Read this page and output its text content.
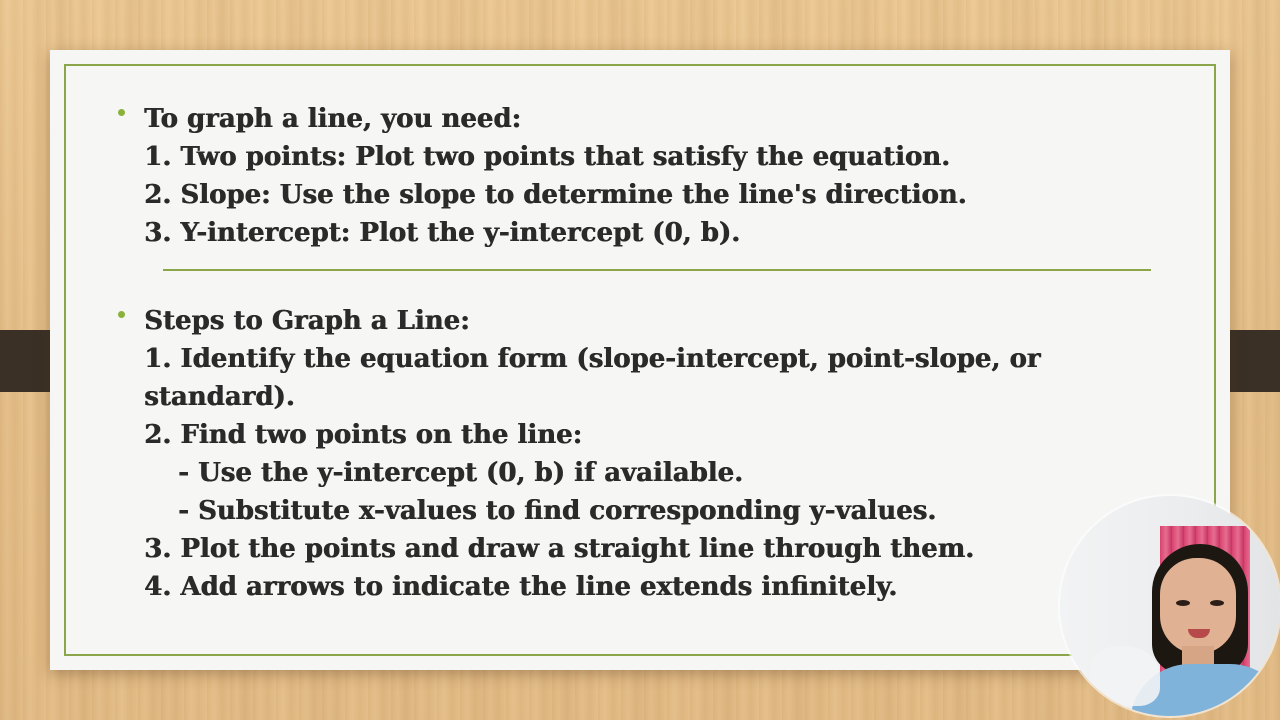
To graph a line, you need:
1. Two points: Plot two points that satisfy the equation.
2. Slope: Use the slope to determine the line's direction.
3. Y-intercept: Plot the y-intercept (0, b).
Steps to Graph a Line:
1. Identify the equation form (slope-intercept, point-slope, or
standard).
2. Find two points on the line:
- Use the y-intercept (0, b) if available.
- Substitute x-values to find corresponding y-values.
3. Plot the points and draw a straight line through them.
4. Add arrows to indicate the line extends infinitely.
